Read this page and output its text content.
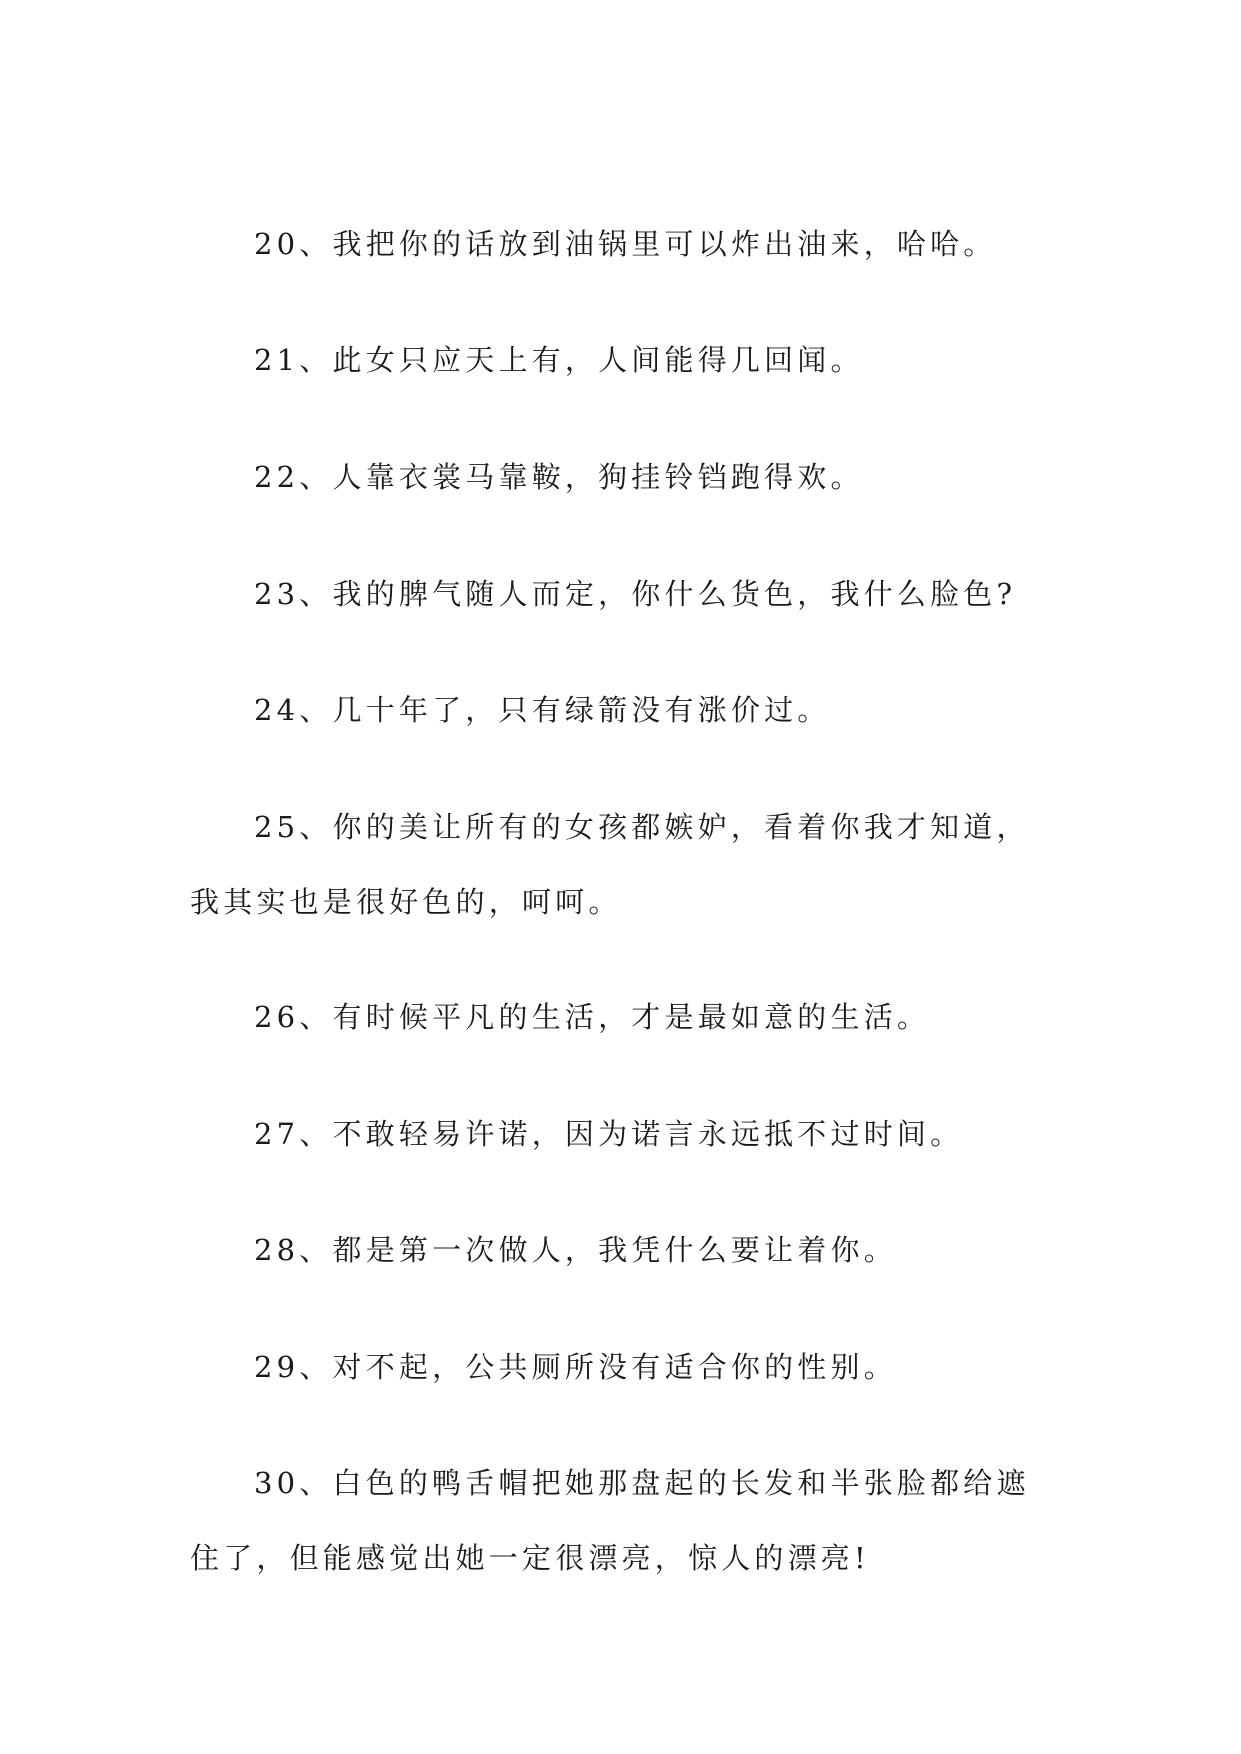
20、我把你的话放到油锅里可以炸出油来，哈哈。

21、此女只应天上有，人间能得几回闻。

22、人靠衣裳马靠鞍，狗挂铃铛跑得欢。

23、我的脾气随人而定，你什么货色，我什么脸色?

24、几十年了，只有绿箭没有涨价过。

25、你的美让所有的女孩都嫉妒，看着你我才知道，我其实也是很好色的，呵呵。

26、有时候平凡的生活，才是最如意的生活。

27、不敢轻易许诺，因为诺言永远抵不过时间。

28、都是第一次做人，我凭什么要让着你。

29、对不起，公共厕所没有适合你的性别。

30、白色的鸭舌帽把她那盘起的长发和半张脸都给遮住了，但能感觉出她一定很漂亮，惊人的漂亮!
